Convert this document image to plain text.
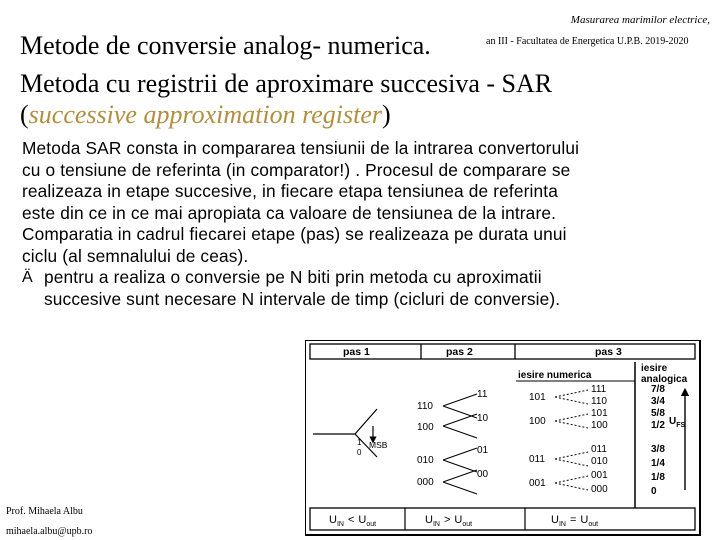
Masurarea marimilor electrice,
an III - Facultatea de Energetica U.P.B. 2019-2020
Metode de conversie analog- numerica.
Metoda cu registrii de aproximare succesiva - SAR
(successive approximation register)
Metoda SAR consta in compararea tensiunii de la intrarea convertorului
cu o tensiune de referinta (in comparator!) . Procesul de comparare se
realizeaza in etape succesive, in fiecare etapa tensiunea de referinta
este din ce in ce mai apropiata ca valoare de tensiunea de la intrare.
Comparatia in cadrul fiecarei etape (pas) se realizeaza pe durata unui
ciclu (al semnalului de ceas).
Ä pentru a realiza o conversie pe N biti prin metoda cu aproximatii
succesive sunt necesare N intervale de timp (cicluri de conversie).
Prof. Mihaela Albu
mihaela.albu@upb.ro
pas 1	pas 2	pas 3
iesire numerica
iesire
analogica
1
0
MSB
110
100
010
000
11
10
01
00
101
100
011
001
111
110
101
100
011
010
001
000
7/8
3/4
5/8
1/2
3/8
1/4
1/8
0
$U_{FS}$
$U_{IN} < U_{out}$	$U_{IN} > U_{out}$	$U_{IN} = U_{out}$
